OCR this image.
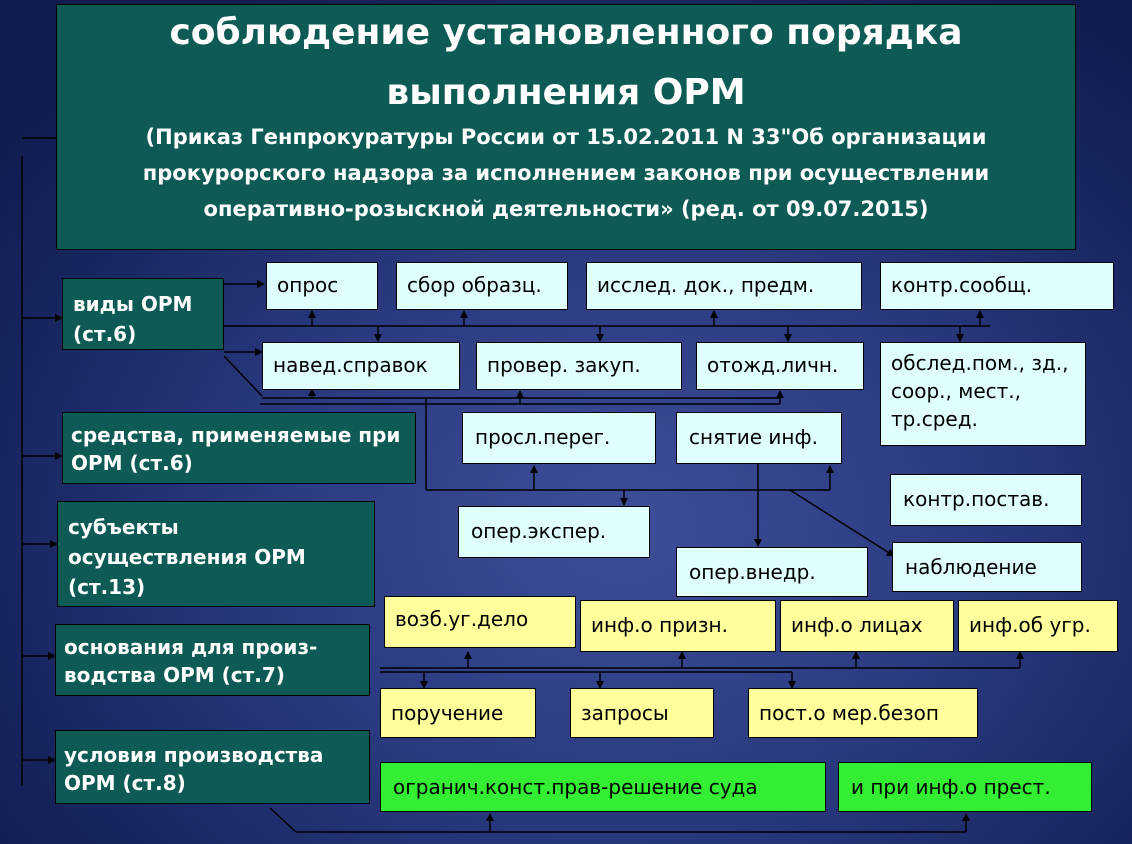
соблюдение установленного порядка
выполнения ОРМ
(Приказ Генпрокуратуры России от 15.02.2011 N 33"Об организации
прокурорского надзора за исполнением законов при осуществлении
оперативно-розыскной деятельности» (ред. от 09.07.2015)
виды ОРМ (ст.6)
средства, применяемые при ОРМ (ст.6)
субъекты осуществления ОРМ (ст.13)
основания для произ-водства ОРМ (ст.7)
условия производства ОРМ (ст.8)
опрос	сбор образц.	исслед. док., предм.	контр.сообщ.
навед.справок	провер. закуп.	отожд.личн.	обслед.пом., зд., соор., мест., тр.сред.
просл.перег.	снятие инф.
контр.постав.
опер.экспер.
наблюдение
опер.внедр.
возб.уг.дело	инф.о призн.	инф.о лицах	инф.об угр.
поручение	запросы	пост.о мер.безоп
огранич.конст.прав-решение суда	и при инф.о прест.
